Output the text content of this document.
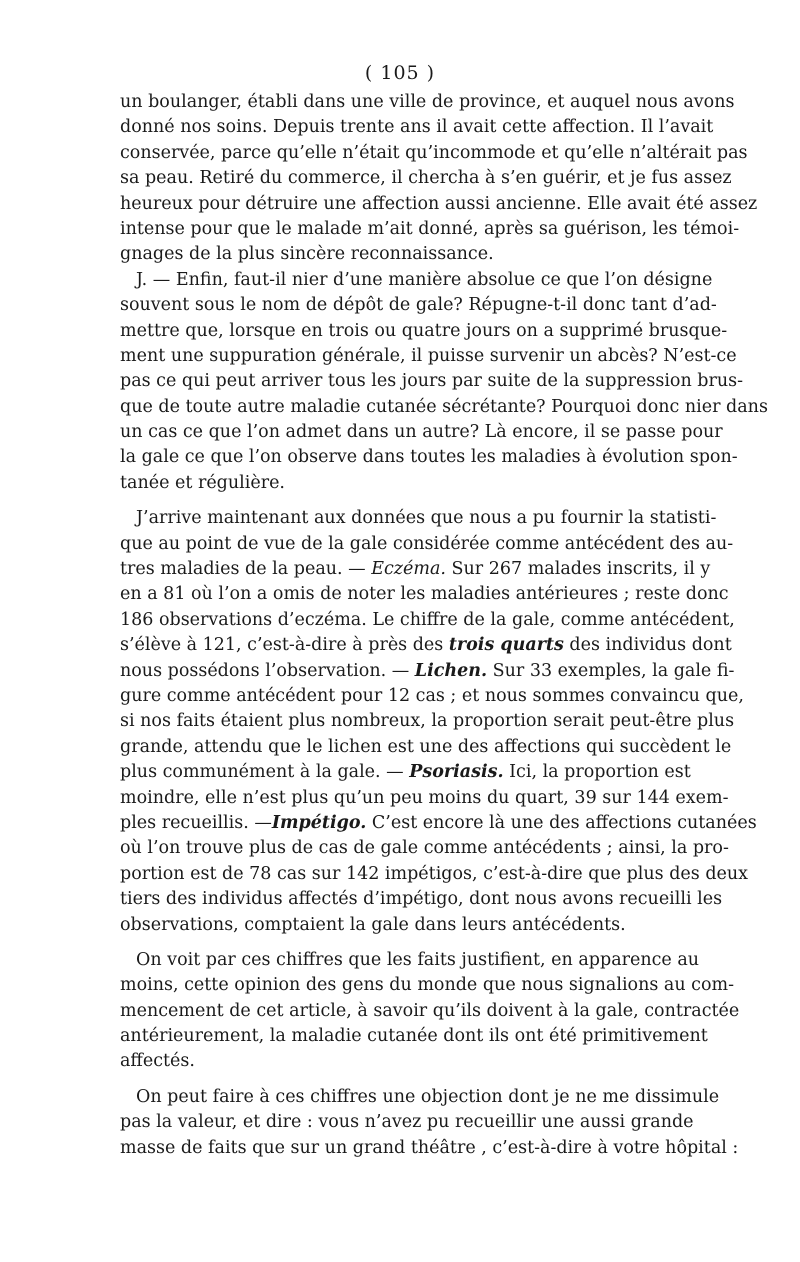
( 105 )
un boulanger, établi dans une ville de province, et auquel nous avons
donné nos soins. Depuis trente ans il avait cette affection. Il l’avait
conservée, parce qu’elle n’était qu’incommode et qu’elle n’altérait pas
sa peau. Retiré du commerce, il chercha à s’en guérir, et je fus assez
heureux pour détruire une affection aussi ancienne. Elle avait été assez
intense pour que le malade m’ait donné, après sa guérison, les témoi-
gnages de la plus sincère reconnaissance.
J. — Enfin, faut-il nier d’une manière absolue ce que l’on désigne
souvent sous le nom de dépôt de gale? Répugne-t-il donc tant d’ad-
mettre que, lorsque en trois ou quatre jours on a supprimé brusque-
ment une suppuration générale, il puisse survenir un abcès? N’est-ce
pas ce qui peut arriver tous les jours par suite de la suppression brus-
que de toute autre maladie cutanée sécrétante? Pourquoi donc nier dans
un cas ce que l’on admet dans un autre? Là encore, il se passe pour
la gale ce que l’on observe dans toutes les maladies à évolution spon-
tanée et régulière.
J’arrive maintenant aux données que nous a pu fournir la statisti-
que au point de vue de la gale considérée comme antécédent des au-
tres maladies de la peau. — Eczéma. Sur 267 malades inscrits, il y
en a 81 où l’on a omis de noter les maladies antérieures ; reste donc
186 observations d’eczéma. Le chiffre de la gale, comme antécédent,
s’élève à 121, c’est-à-dire à près des trois quarts des individus dont
nous possédons l’observation. — Lichen. Sur 33 exemples, la gale fi-
gure comme antécédent pour 12 cas ; et nous sommes convaincu que,
si nos faits étaient plus nombreux, la proportion serait peut-être plus
grande, attendu que le lichen est une des affections qui succèdent le
plus communément à la gale. — Psoriasis. Ici, la proportion est
moindre, elle n’est plus qu’un peu moins du quart, 39 sur 144 exem-
ples recueillis. —Impétigo. C’est encore là une des affections cutanées
où l’on trouve plus de cas de gale comme antécédents ; ainsi, la pro-
portion est de 78 cas sur 142 impétigos, c’est-à-dire que plus des deux
tiers des individus affectés d’impétigo, dont nous avons recueilli les
observations, comptaient la gale dans leurs antécédents.
On voit par ces chiffres que les faits justifient, en apparence au
moins, cette opinion des gens du monde que nous signalions au com-
mencement de cet article, à savoir qu’ils doivent à la gale, contractée
antérieurement, la maladie cutanée dont ils ont été primitivement
affectés.
On peut faire à ces chiffres une objection dont je ne me dissimule
pas la valeur, et dire : vous n’avez pu recueillir une aussi grande
masse de faits que sur un grand théâtre , c’est-à-dire à votre hôpital :
